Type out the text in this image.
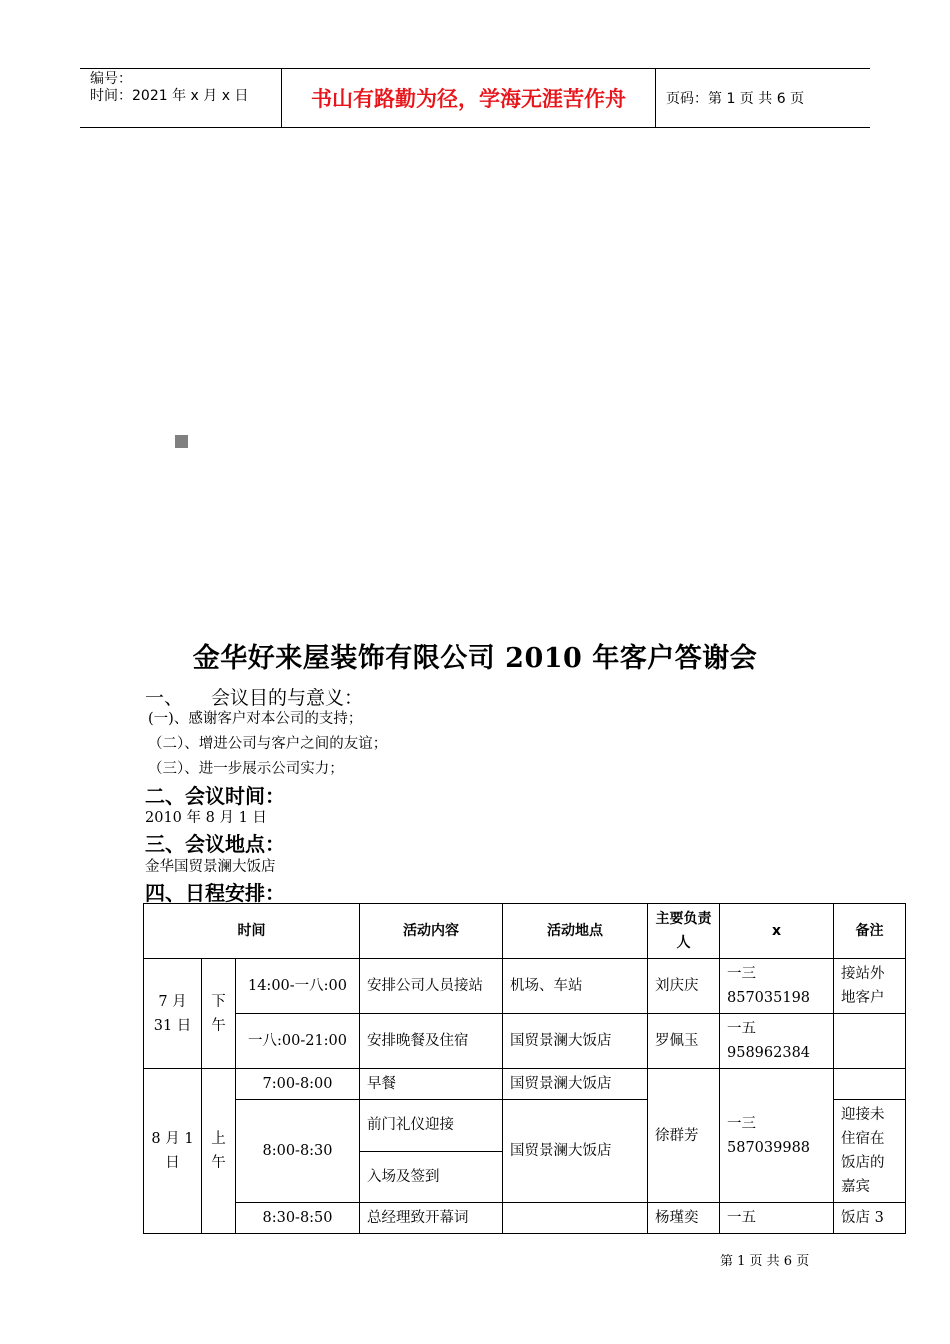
编号：
时间：2021 年 x 月 x 日	书山有路勤为径，学海无涯苦作舟	页码：第 1 页 共 6 页
金华好来屋装饰有限公司 2010 年客户答谢会
一、 会议目的与意义：
(一)、感谢客户对本公司的支持；
（二）、增进公司与客户之间的友谊；
（三）、进一步展示公司实力；
二、会议时间：
2010 年 8 月 1 日
三、会议地点：
金华国贸景澜大饭店
四、日程安排：
时间			活动内容	活动地点	主要负责人	x	备注
7 月 31 日	下午	14:00-一八:00	安排公司人员接站	机场、车站	刘庆庆	一三 857035198	接站外地客户
		一八:00-21:00	安排晚餐及住宿	国贸景澜大饭店	罗佩玉	一五 958962384	
8 月 1 日	上午	7:00-8:00	早餐	国贸景澜大饭店	徐群芳	一三 587039988	
		8:00-8:30	前门礼仪迎接	国贸景澜大饭店			迎接未住宿在饭店的嘉宾
			入场及签到				
		8:30-8:50	总经理致开幕词		杨瑾奕	一五	饭店 3
第 1 页 共 6 页
